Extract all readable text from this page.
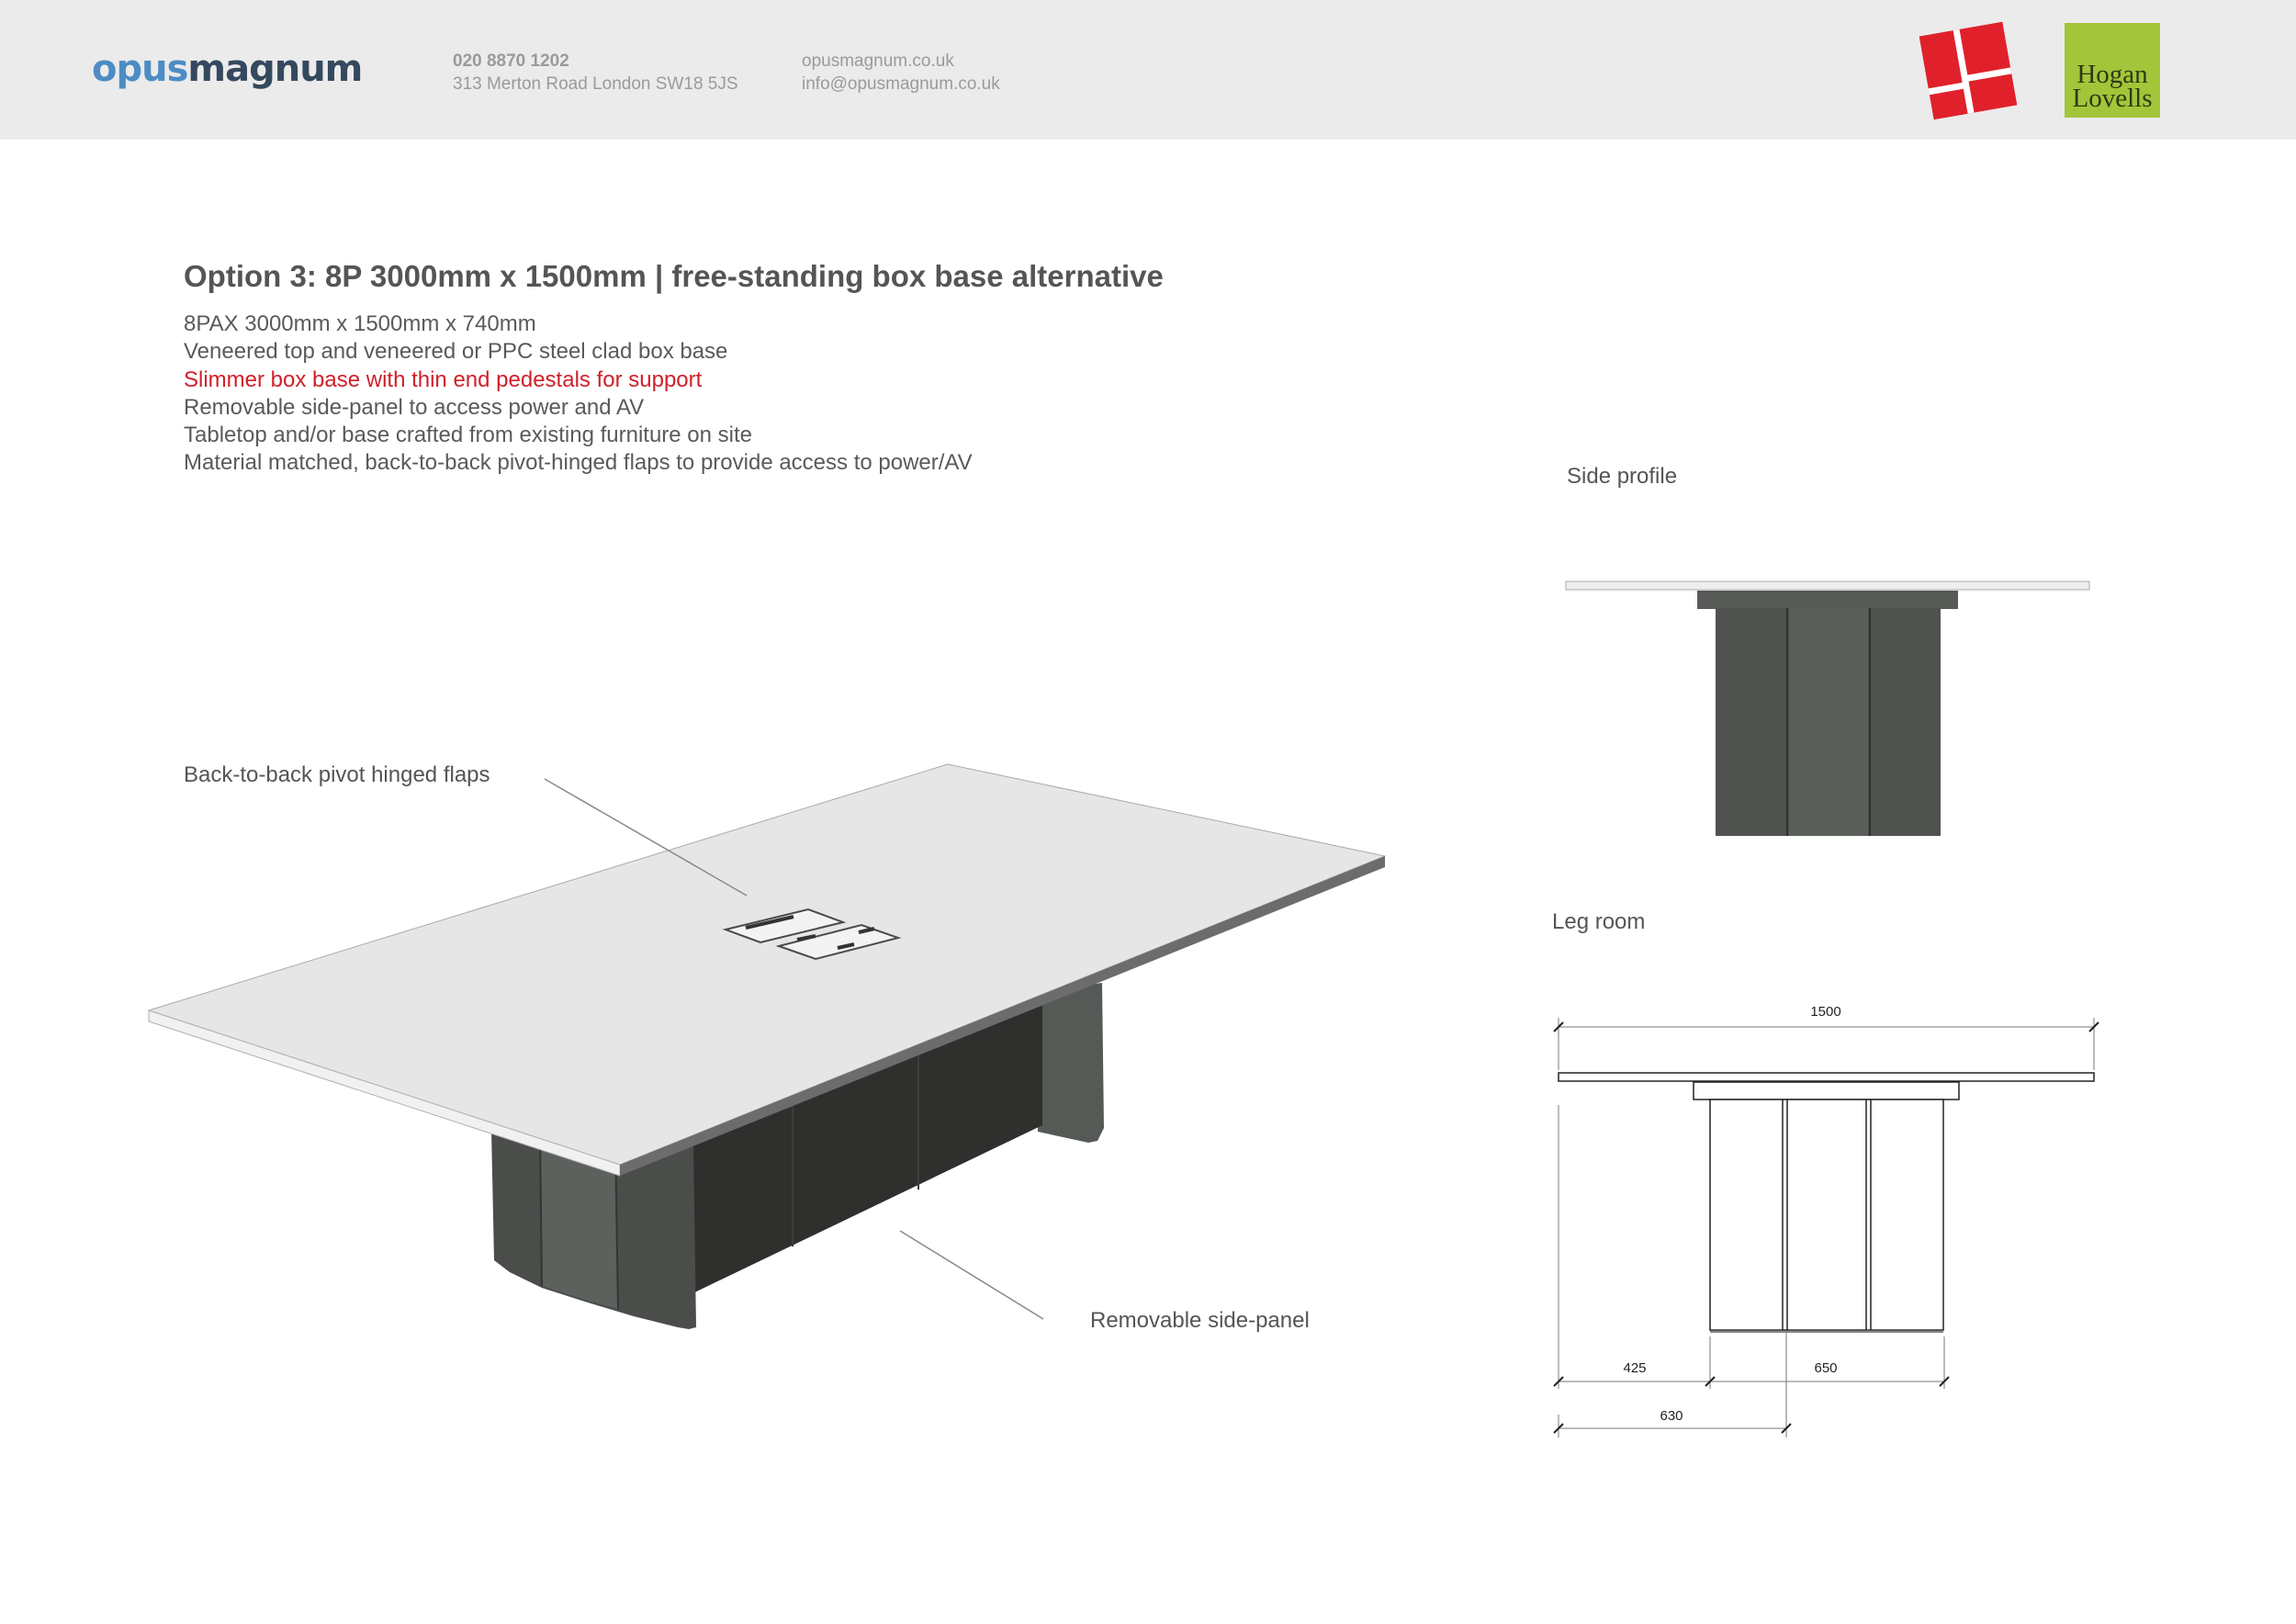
opusmagnum	020 8870 1202
313 Merton Road London SW18 5JS
opusmagnum.co.uk
info@opusmagnum.co.uk	Hogan
Lovells
Option 3: 8P 3000mm x 1500mm | free-standing box base alternative
8PAX 3000mm x 1500mm x 740mm
Veneered top and veneered or PPC steel clad box base
Slimmer box base with thin end pedestals for support
Removable side-panel to access power and AV
Tabletop and/or base crafted from existing furniture on site
Material matched, back-to-back pivot-hinged flaps to provide access to power/AV
Back-to-back pivot hinged flaps
Removable side-panel
Side profile
Leg room
1500
425	650
630
